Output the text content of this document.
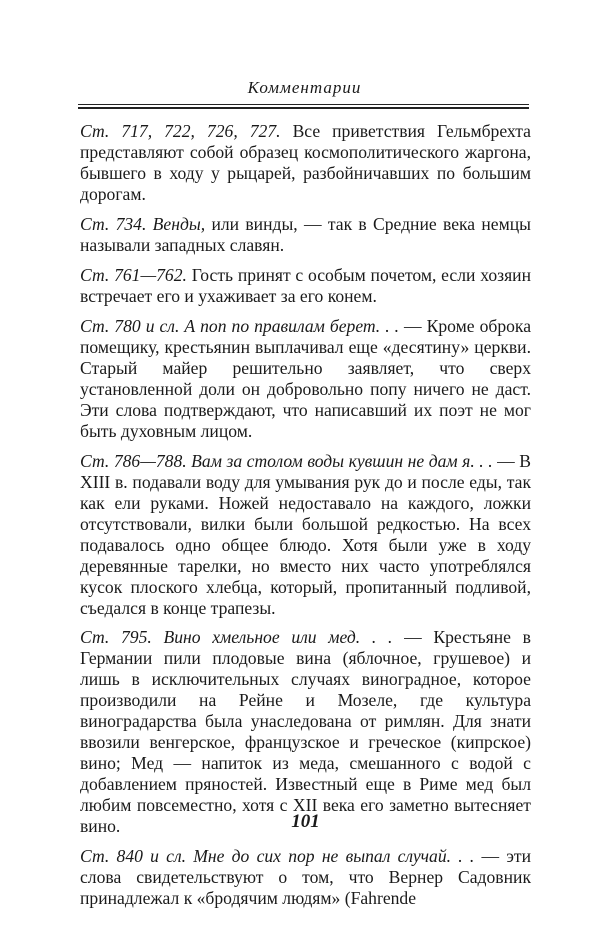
Комментарии

Ст. 717, 722, 726, 727. Все приветствия Гельмбрехта представляют собой образец космополитического жаргона, бывшего в ходу у рыцарей, разбойничавших по большим дорогам.

Ст. 734. Венды, или винды, — так в Средние века немцы называли западных славян.

Ст. 761—762. Гость принят с особым почетом, если хозяин встречает его и ухаживает за его конем.

Ст. 780 и сл. А поп по правилам берет. . . — Кроме оброка помещику, крестьянин выплачивал еще «десятину» церкви. Старый майер решительно заявляет, что сверх установленной доли он добровольно попу ничего не даст. Эти слова подтверждают, что написавший их поэт не мог быть духовным лицом.

Ст. 786—788. Вам за столом воды кувшин не дам я. . . — В XIII в. подавали воду для умывания рук до и после еды, так как ели руками. Ножей недоставало на каждого, ложки отсутствовали, вилки были большой редкостью. На всех подавалось одно общее блюдо. Хотя были уже в ходу деревянные тарелки, но вместо них часто употреблялся кусок плоского хлебца, который, пропитанный подливой, съедался в конце трапезы.

Ст. 795. Вино хмельное или мед. . . — Крестьяне в Германии пили плодовые вина (яблочное, грушевое) и лишь в исключительных случаях виноградное, которое производили на Рейне и Мозеле, где культура виноградарства была унаследована от римлян. Для знати ввозили венгерское, французское и греческое (кипрское) вино; Мед — напиток из меда, смешанного с водой с добавлением пряностей. Известный еще в Риме мед был любим повсеместно, хотя с XII века его заметно вытесняет вино.

Ст. 840 и сл. Мне до сих пор не выпал случай. . . — эти слова свидетельствуют о том, что Вернер Садовник принадлежал к «бродячим людям» (Fahrende

101
